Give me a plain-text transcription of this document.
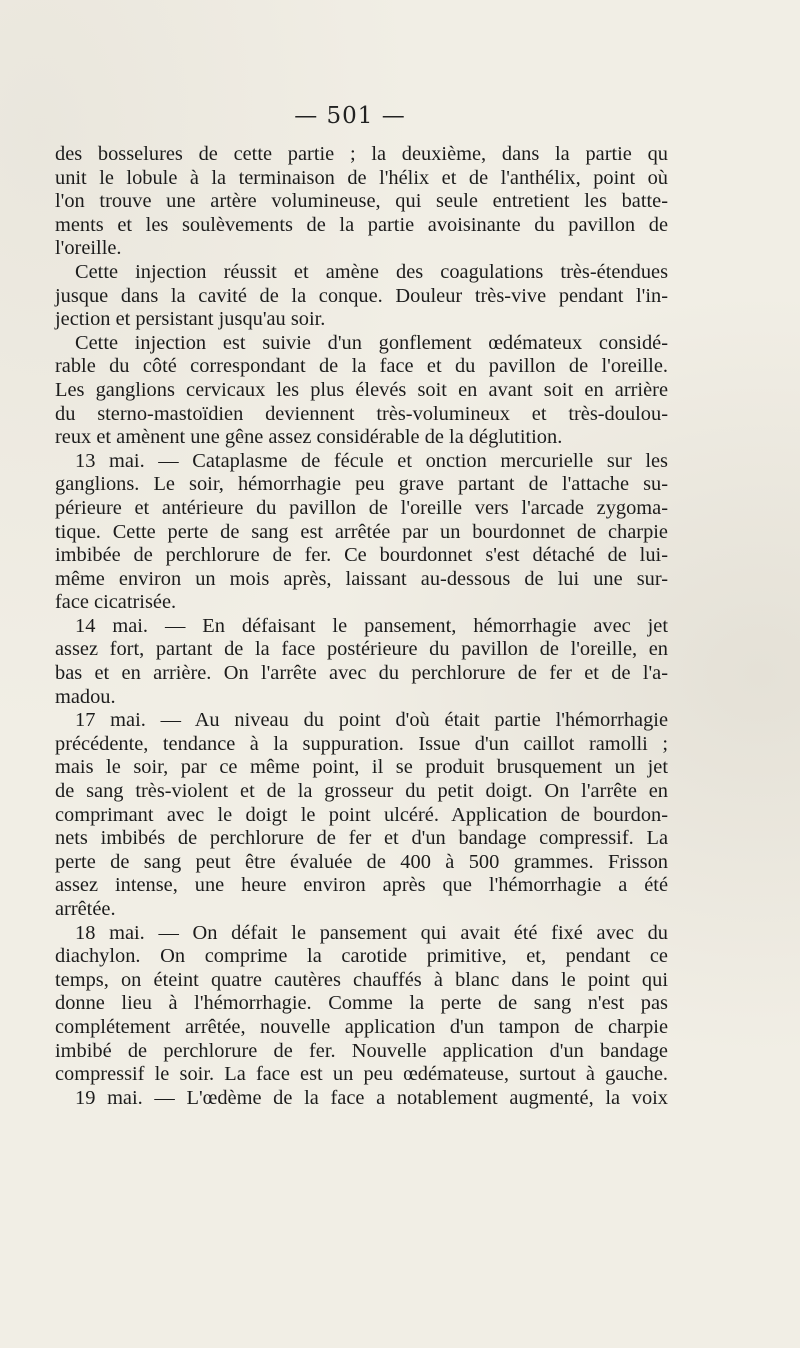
— 501 —
des bosselures de cette partie ; la deuxième, dans la partie qu
unit le lobule à la terminaison de l'hélix et de l'anthélix, point où
l'on trouve une artère volumineuse, qui seule entretient les batte-
ments et les soulèvements de la partie avoisinante du pavillon de
l'oreille.
Cette injection réussit et amène des coagulations très-étendues
jusque dans la cavité de la conque. Douleur très-vive pendant l'in-
jection et persistant jusqu'au soir.
Cette injection est suivie d'un gonflement œdémateux considé-
rable du côté correspondant de la face et du pavillon de l'oreille.
Les ganglions cervicaux les plus élevés soit en avant soit en arrière
du sterno-mastoïdien deviennent très-volumineux et très-doulou-
reux et amènent une gêne assez considérable de la déglutition.
13 mai. — Cataplasme de fécule et onction mercurielle sur les
ganglions. Le soir, hémorrhagie peu grave partant de l'attache su-
périeure et antérieure du pavillon de l'oreille vers l'arcade zygoma-
tique. Cette perte de sang est arrêtée par un bourdonnet de charpie
imbibée de perchlorure de fer. Ce bourdonnet s'est détaché de lui-
même environ un mois après, laissant au-dessous de lui une sur-
face cicatrisée.
14 mai. — En défaisant le pansement, hémorrhagie avec jet
assez fort, partant de la face postérieure du pavillon de l'oreille, en
bas et en arrière. On l'arrête avec du perchlorure de fer et de l'a-
madou.
17 mai. — Au niveau du point d'où était partie l'hémorrhagie
précédente, tendance à la suppuration. Issue d'un caillot ramolli ;
mais le soir, par ce même point, il se produit brusquement un jet
de sang très-violent et de la grosseur du petit doigt. On l'arrête en
comprimant avec le doigt le point ulcéré. Application de bourdon-
nets imbibés de perchlorure de fer et d'un bandage compressif. La
perte de sang peut être évaluée de 400 à 500 grammes. Frisson
assez intense, une heure environ après que l'hémorrhagie a été
arrêtée.
18 mai. — On défait le pansement qui avait été fixé avec du
diachylon. On comprime la carotide primitive, et, pendant ce
temps, on éteint quatre cautères chauffés à blanc dans le point qui
donne lieu à l'hémorrhagie. Comme la perte de sang n'est pas
complétement arrêtée, nouvelle application d'un tampon de charpie
imbibé de perchlorure de fer. Nouvelle application d'un bandage
compressif le soir. La face est un peu œdémateuse, surtout à gauche.
19 mai. — L'œdème de la face a notablement augmenté, la voix
